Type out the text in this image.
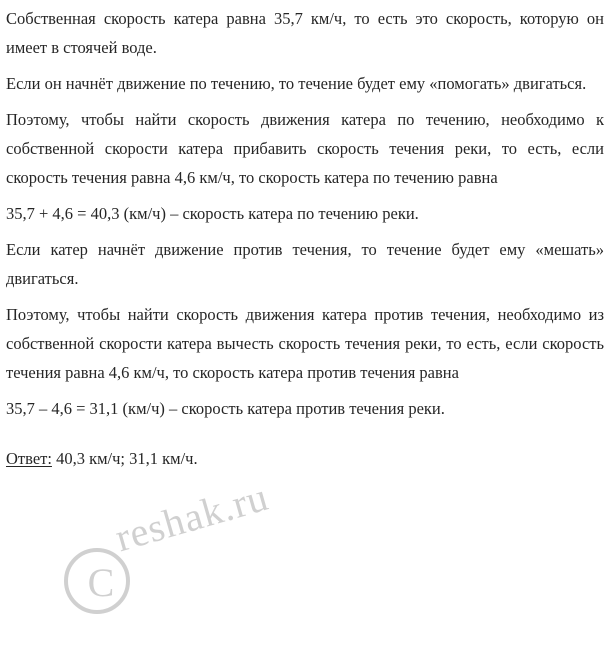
Собственная скорость катера равна 35,7 км/ч, то есть это скорость, которую он имеет в стоячей воде.

Если он начнёт движение по течению, то течение будет ему «помогать» двигаться.

Поэтому, чтобы найти скорость движения катера по течению, необходимо к собственной скорости катера прибавить скорость течения реки, то есть, если скорость течения равна 4,6 км/ч, то скорость катера по течению равна

35,7 + 4,6 = 40,3 (км/ч) – скорость катера по течению реки.

Если катер начнёт движение против течения, то течение будет ему «мешать» двигаться.

Поэтому, чтобы найти скорость движения катера против течения, необходимо из собственной скорости катера вычесть скорость течения реки, то есть, если скорость течения равна 4,6 км/ч, то скорость катера против течения равна

35,7 – 4,6 = 31,1 (км/ч) – скорость катера против течения реки.

Ответ: 40,3 км/ч; 31,1 км/ч.

reshak.ru
C
